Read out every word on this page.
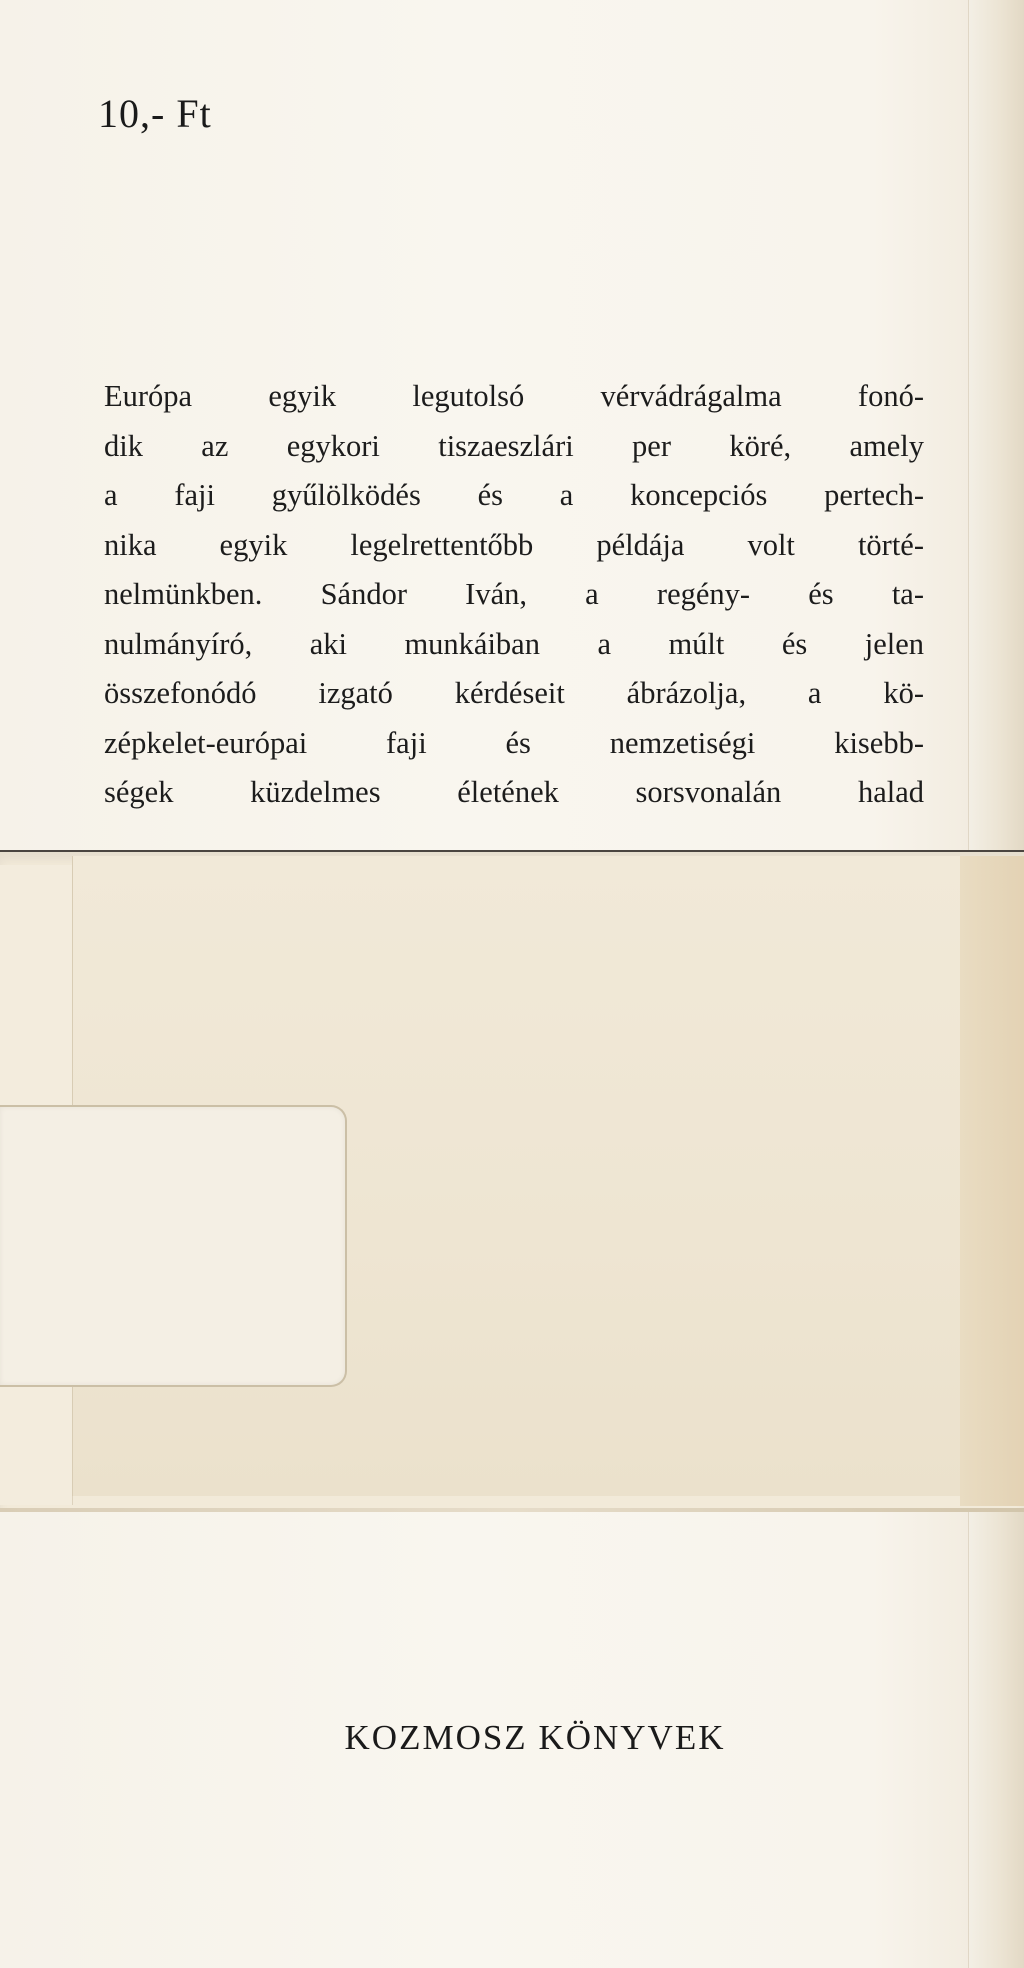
10,- Ft

Európa egyik legutolsó vérvádrágalma fonó-
dik az egykori tiszaeszlári per köré, amely
a faji gyűlölködés és a koncepciós pertech-
nika egyik legelrettentőbb példája volt törté-
nelmünkben. Sándor Iván, a regény- és ta-
nulmányíró, aki munkáiban a múlt és jelen
összefonódó izgató kérdéseit ábrázolja, a kö-
zépkelet-európai faji és nemzetiségi kisebb-
ségek küzdelmes életének sorsvonalán halad

KOZMOSZ KÖNYVEK
